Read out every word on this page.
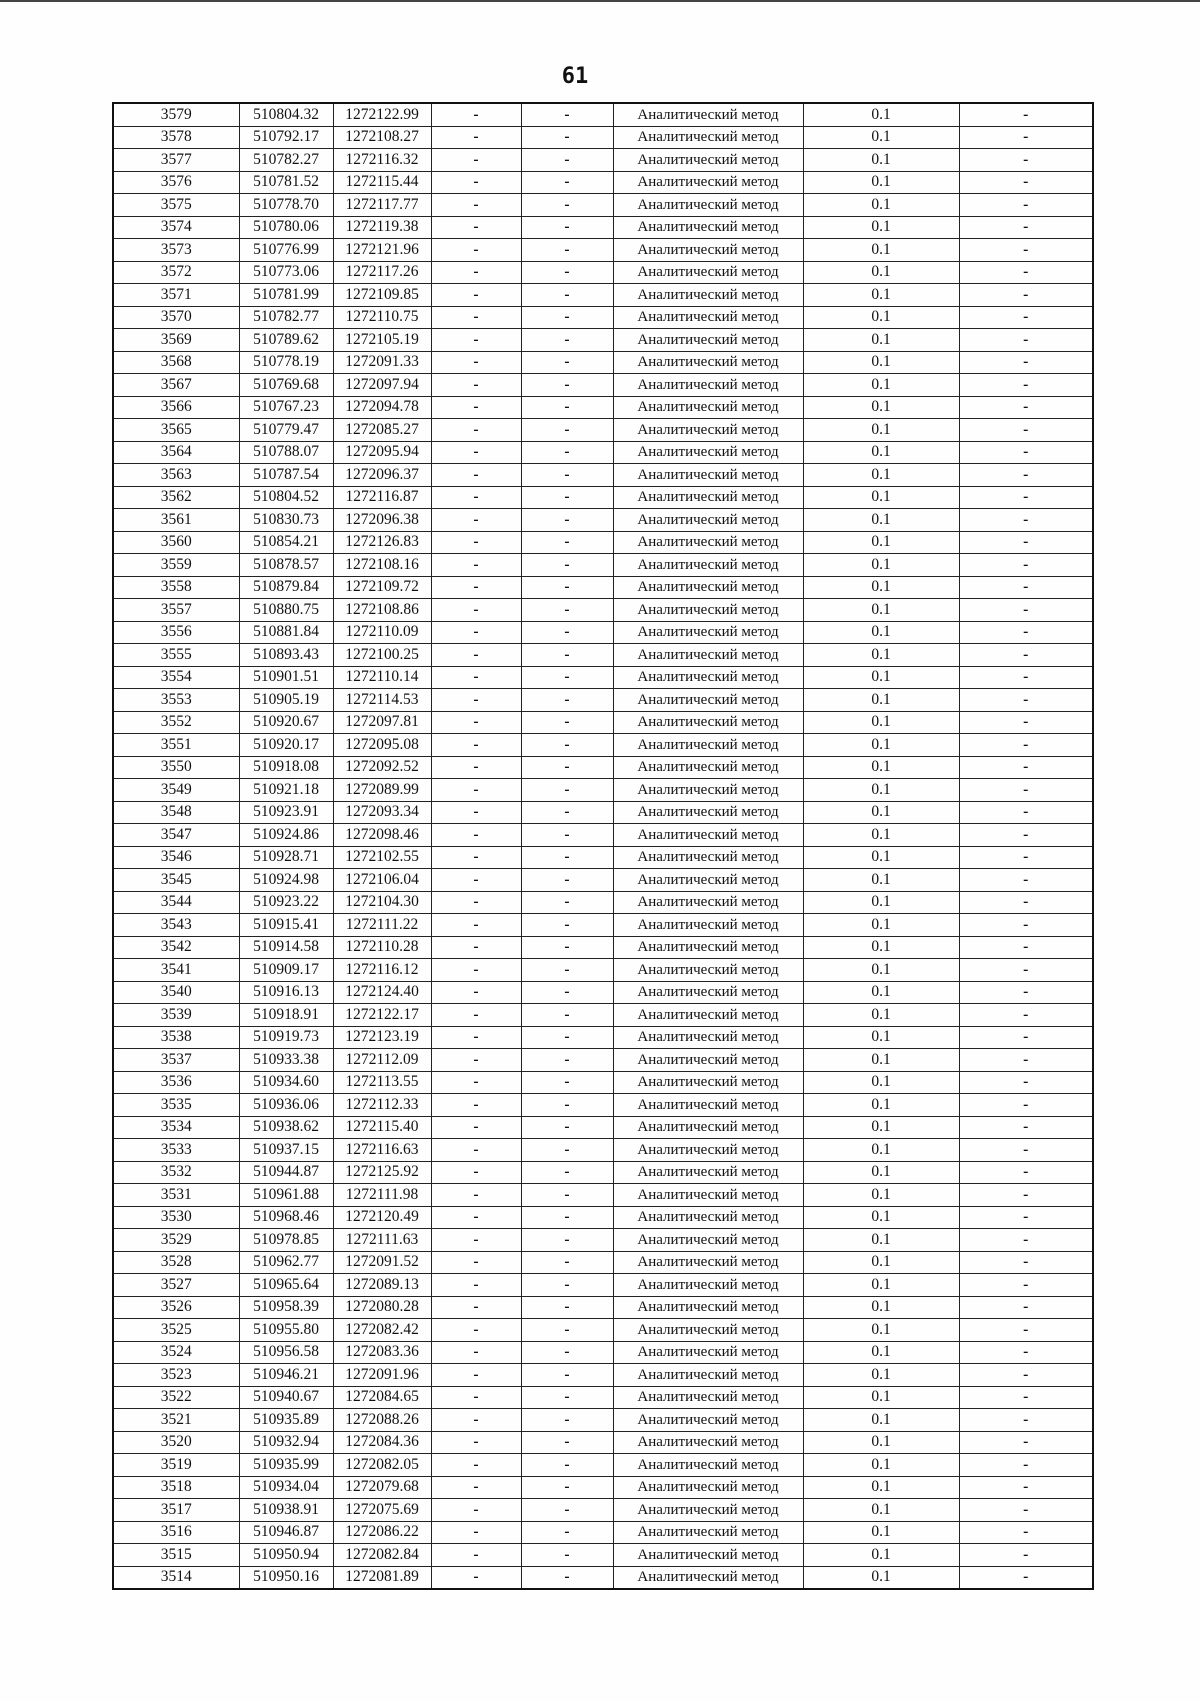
61
3579	510804.32	1272122.99	-	-	Аналитический метод	0.1	-
3578	510792.17	1272108.27	-	-	Аналитический метод	0.1	-
3577	510782.27	1272116.32	-	-	Аналитический метод	0.1	-
3576	510781.52	1272115.44	-	-	Аналитический метод	0.1	-
3575	510778.70	1272117.77	-	-	Аналитический метод	0.1	-
3574	510780.06	1272119.38	-	-	Аналитический метод	0.1	-
3573	510776.99	1272121.96	-	-	Аналитический метод	0.1	-
3572	510773.06	1272117.26	-	-	Аналитический метод	0.1	-
3571	510781.99	1272109.85	-	-	Аналитический метод	0.1	-
3570	510782.77	1272110.75	-	-	Аналитический метод	0.1	-
3569	510789.62	1272105.19	-	-	Аналитический метод	0.1	-
3568	510778.19	1272091.33	-	-	Аналитический метод	0.1	-
3567	510769.68	1272097.94	-	-	Аналитический метод	0.1	-
3566	510767.23	1272094.78	-	-	Аналитический метод	0.1	-
3565	510779.47	1272085.27	-	-	Аналитический метод	0.1	-
3564	510788.07	1272095.94	-	-	Аналитический метод	0.1	-
3563	510787.54	1272096.37	-	-	Аналитический метод	0.1	-
3562	510804.52	1272116.87	-	-	Аналитический метод	0.1	-
3561	510830.73	1272096.38	-	-	Аналитический метод	0.1	-
3560	510854.21	1272126.83	-	-	Аналитический метод	0.1	-
3559	510878.57	1272108.16	-	-	Аналитический метод	0.1	-
3558	510879.84	1272109.72	-	-	Аналитический метод	0.1	-
3557	510880.75	1272108.86	-	-	Аналитический метод	0.1	-
3556	510881.84	1272110.09	-	-	Аналитический метод	0.1	-
3555	510893.43	1272100.25	-	-	Аналитический метод	0.1	-
3554	510901.51	1272110.14	-	-	Аналитический метод	0.1	-
3553	510905.19	1272114.53	-	-	Аналитический метод	0.1	-
3552	510920.67	1272097.81	-	-	Аналитический метод	0.1	-
3551	510920.17	1272095.08	-	-	Аналитический метод	0.1	-
3550	510918.08	1272092.52	-	-	Аналитический метод	0.1	-
3549	510921.18	1272089.99	-	-	Аналитический метод	0.1	-
3548	510923.91	1272093.34	-	-	Аналитический метод	0.1	-
3547	510924.86	1272098.46	-	-	Аналитический метод	0.1	-
3546	510928.71	1272102.55	-	-	Аналитический метод	0.1	-
3545	510924.98	1272106.04	-	-	Аналитический метод	0.1	-
3544	510923.22	1272104.30	-	-	Аналитический метод	0.1	-
3543	510915.41	1272111.22	-	-	Аналитический метод	0.1	-
3542	510914.58	1272110.28	-	-	Аналитический метод	0.1	-
3541	510909.17	1272116.12	-	-	Аналитический метод	0.1	-
3540	510916.13	1272124.40	-	-	Аналитический метод	0.1	-
3539	510918.91	1272122.17	-	-	Аналитический метод	0.1	-
3538	510919.73	1272123.19	-	-	Аналитический метод	0.1	-
3537	510933.38	1272112.09	-	-	Аналитический метод	0.1	-
3536	510934.60	1272113.55	-	-	Аналитический метод	0.1	-
3535	510936.06	1272112.33	-	-	Аналитический метод	0.1	-
3534	510938.62	1272115.40	-	-	Аналитический метод	0.1	-
3533	510937.15	1272116.63	-	-	Аналитический метод	0.1	-
3532	510944.87	1272125.92	-	-	Аналитический метод	0.1	-
3531	510961.88	1272111.98	-	-	Аналитический метод	0.1	-
3530	510968.46	1272120.49	-	-	Аналитический метод	0.1	-
3529	510978.85	1272111.63	-	-	Аналитический метод	0.1	-
3528	510962.77	1272091.52	-	-	Аналитический метод	0.1	-
3527	510965.64	1272089.13	-	-	Аналитический метод	0.1	-
3526	510958.39	1272080.28	-	-	Аналитический метод	0.1	-
3525	510955.80	1272082.42	-	-	Аналитический метод	0.1	-
3524	510956.58	1272083.36	-	-	Аналитический метод	0.1	-
3523	510946.21	1272091.96	-	-	Аналитический метод	0.1	-
3522	510940.67	1272084.65	-	-	Аналитический метод	0.1	-
3521	510935.89	1272088.26	-	-	Аналитический метод	0.1	-
3520	510932.94	1272084.36	-	-	Аналитический метод	0.1	-
3519	510935.99	1272082.05	-	-	Аналитический метод	0.1	-
3518	510934.04	1272079.68	-	-	Аналитический метод	0.1	-
3517	510938.91	1272075.69	-	-	Аналитический метод	0.1	-
3516	510946.87	1272086.22	-	-	Аналитический метод	0.1	-
3515	510950.94	1272082.84	-	-	Аналитический метод	0.1	-
3514	510950.16	1272081.89	-	-	Аналитический метод	0.1	-
